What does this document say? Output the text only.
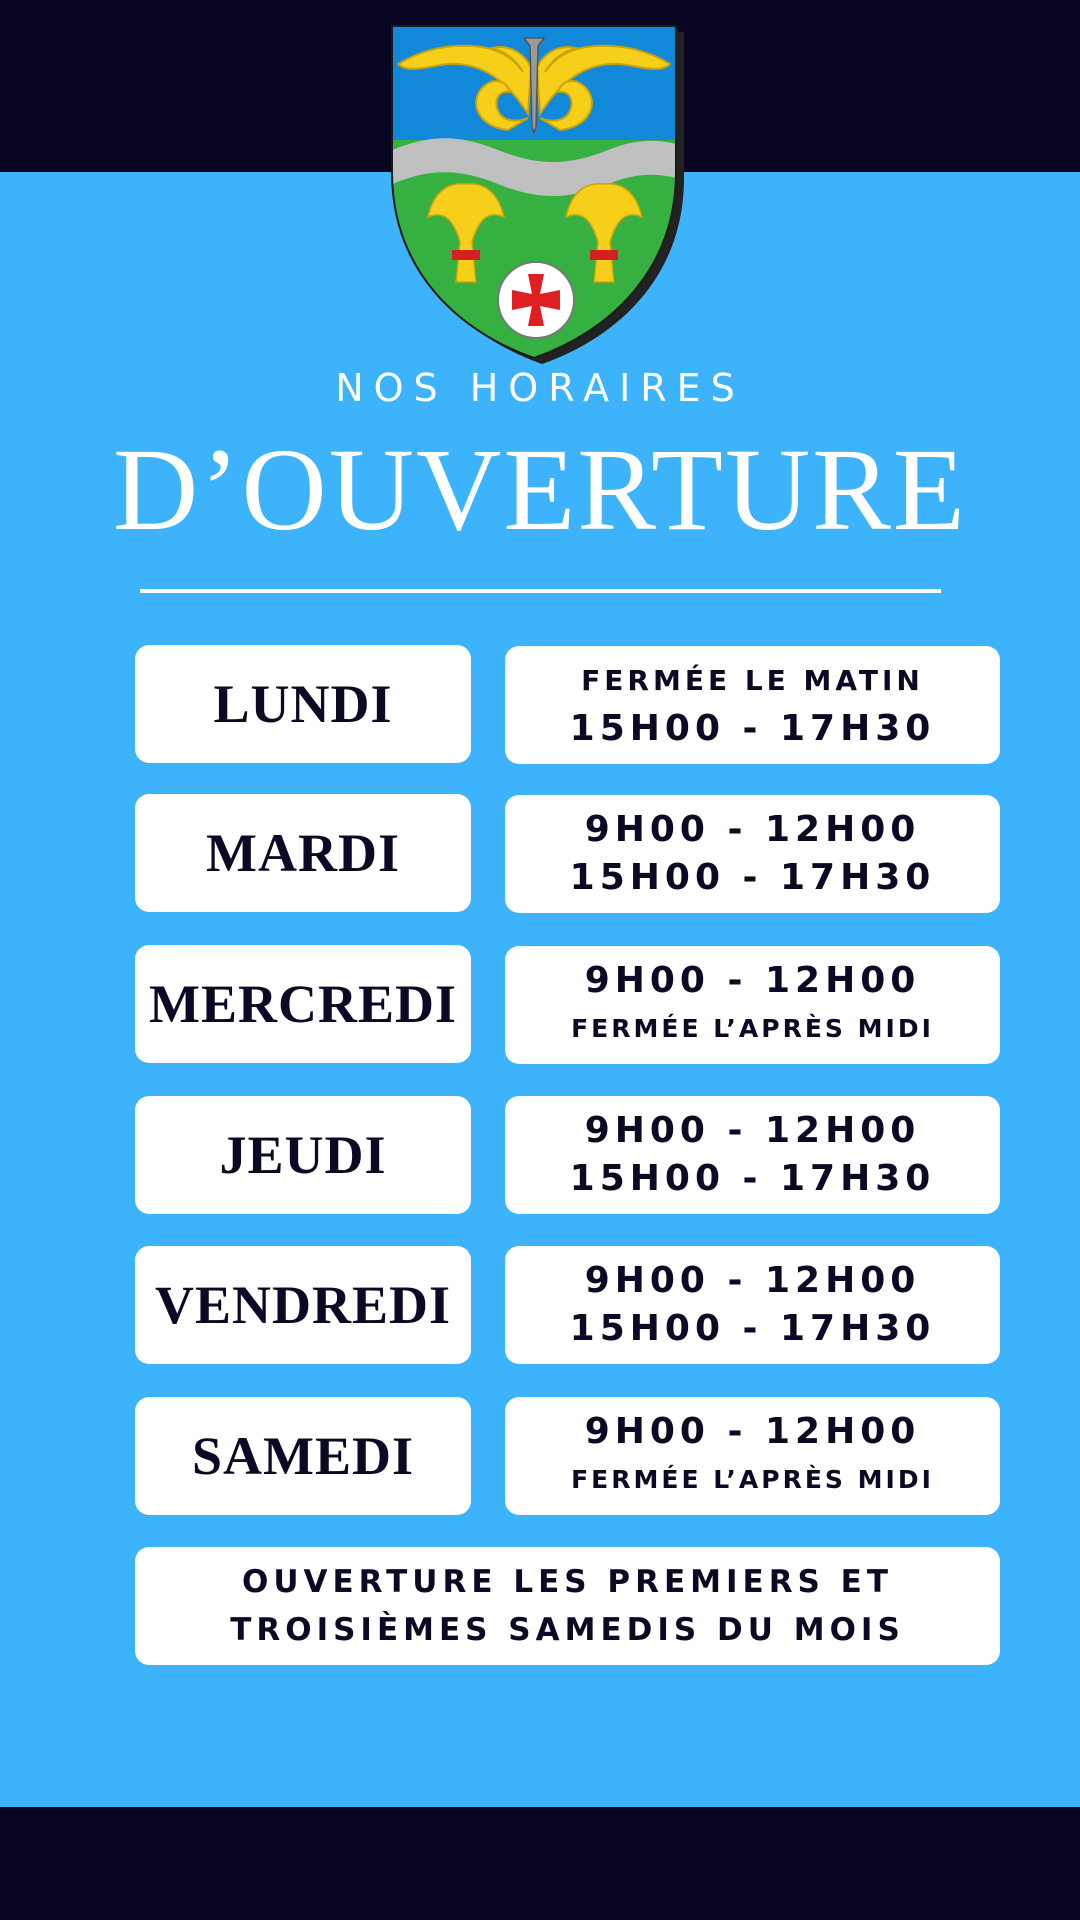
NOS HORAIRES
D’OUVERTURE
LUNDI	FERMÉE LE MATIN
15H00 - 17H30
MARDI	9H00 - 12H00
15H00 - 17H30
MERCREDI	9H00 - 12H00
FERMÉE L’APRÈS MIDI
JEUDI	9H00 - 12H00
15H00 - 17H30
VENDREDI	9H00 - 12H00
15H00 - 17H30
SAMEDI	9H00 - 12H00
FERMÉE L’APRÈS MIDI
OUVERTURE LES PREMIERS ET
TROISIÈMES SAMEDIS DU MOIS
